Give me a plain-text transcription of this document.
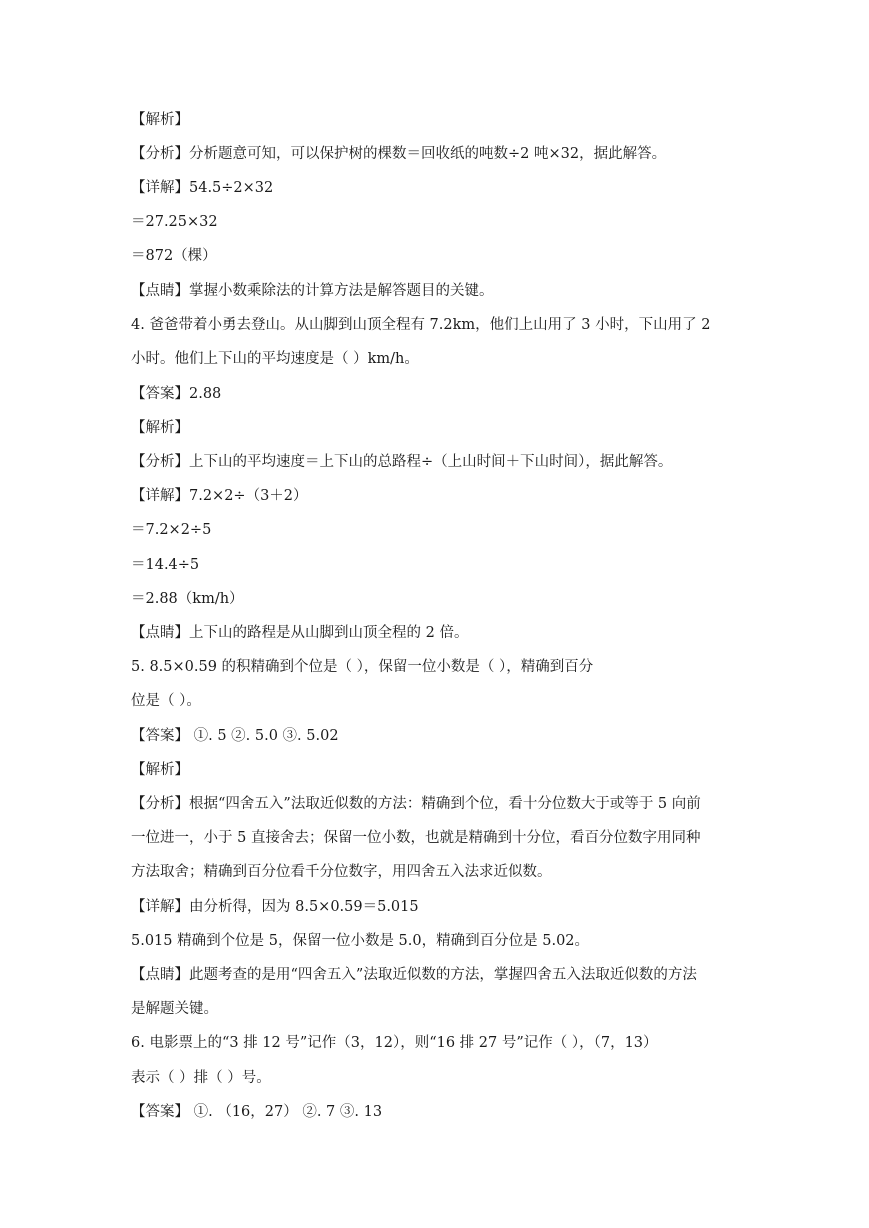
【解析】
【分析】分析题意可知，可以保护树的棵数＝回收纸的吨数÷2 吨×32，据此解答。
【详解】54.5÷2×32
＝27.25×32
＝872（棵）
【点睛】掌握小数乘除法的计算方法是解答题目的关键。
4. 爸爸带着小勇去登山。从山脚到山顶全程有 7.2km，他们上山用了 3 小时，下山用了 2
小时。他们上下山的平均速度是（ ）km/h。
【答案】2.88
【解析】
【分析】上下山的平均速度＝上下山的总路程÷（上山时间＋下山时间），据此解答。
【详解】7.2×2÷（3＋2）
＝7.2×2÷5
＝14.4÷5
＝2.88（km/h）
【点睛】上下山的路程是从山脚到山顶全程的 2 倍。
5. 8.5×0.59 的积精确到个位是（ ），保留一位小数是（ ），精确到百分
位是（ ）。
【答案】 ①. 5 ②. 5.0 ③. 5.02
【解析】
【分析】根据“四舍五入”法取近似数的方法：精确到个位，看十分位数大于或等于 5 向前
一位进一，小于 5 直接舍去；保留一位小数，也就是精确到十分位，看百分位数字用同种
方法取舍；精确到百分位看千分位数字，用四舍五入法求近似数。
【详解】由分析得，因为 8.5×0.59＝5.015
5.015 精确到个位是 5，保留一位小数是 5.0，精确到百分位是 5.02。
【点睛】此题考查的是用“四舍五入”法取近似数的方法，掌握四舍五入法取近似数的方法
是解题关键。
6. 电影票上的“3 排 12 号”记作（3，12），则“16 排 27 号”记作（ ），（7，13）
表示（ ）排（ ）号。
【答案】 ①. （16，27） ②. 7 ③. 13
